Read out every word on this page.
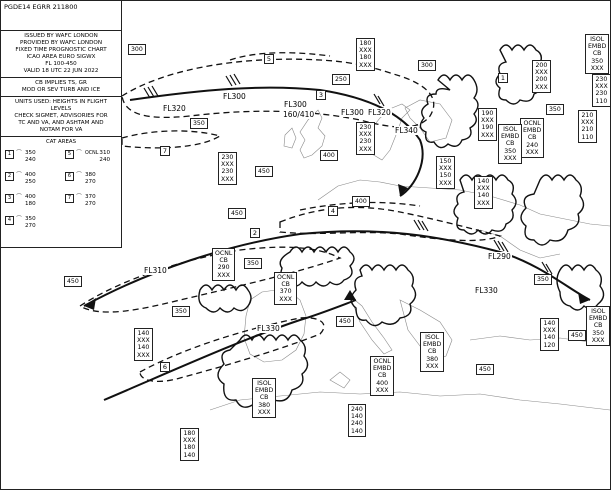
PGDE14 EGRR 211800
ISSUED BY WAFC LONDON
PROVIDED BY WAFC LONDON
FIXED TIME PROGNOSTIC CHART
ICAO AREA EURO SIGWX
FL 100-450
VALID 18 UTC 22 JUN 2022
CB IMPLIES TS, GR
MOD OR SEV TURB AND ICE
UNITS USED: HEIGHTS IN FLIGHT LEVELS
CHECK SIGMET, ADVISORIES FOR
TC AND VA, AND ASHTAM AND
NOTAM FOR VA
CAT AREAS
1 ⌒ 350
240
2 ⌒ 400
250
3 ⌒ 400
180
4 ⌒ 350
270
5 ⌒ OCNL 310
240
6 ⌒ 380
270
7 ⌒ 370
270
300
250
300
350
450
400
450
400
350
450
350
450
350
450
350
450
FL320
FL300
FL300
FL300
160/410	FL320
FL340
FL310
FL290
FL330
FL330
5
3
1
7
4
2
6
ISOL
EMBD
CB
350
XXX
ISOL
EMBD
CB
350
XXX
OCNL
EMBD
CB
240
XXX
OCNL
CB
290
XXX	OCNL
CB
370
XXX
ISOL
EMBD
CB
380
XXX
OCNL
EMBD
CB
400
XXX
ISOL
EMBD
CB
380
XXX
ISOL
EMBD
CB
350
XXX
180
XXX
180
XXX	200
XXX
200
XXX
230
XXX
230
110
230
XXX
230
XXX
190
XXX
190
XXX
210
XXX
210
110
230
XXX
230
XXX
150
XXX
150
XXX	140
XXX
140
XXX
140
XXX
140
XXX
140
XXX
140
120
240
140
240
140
180
XXX
180
140
